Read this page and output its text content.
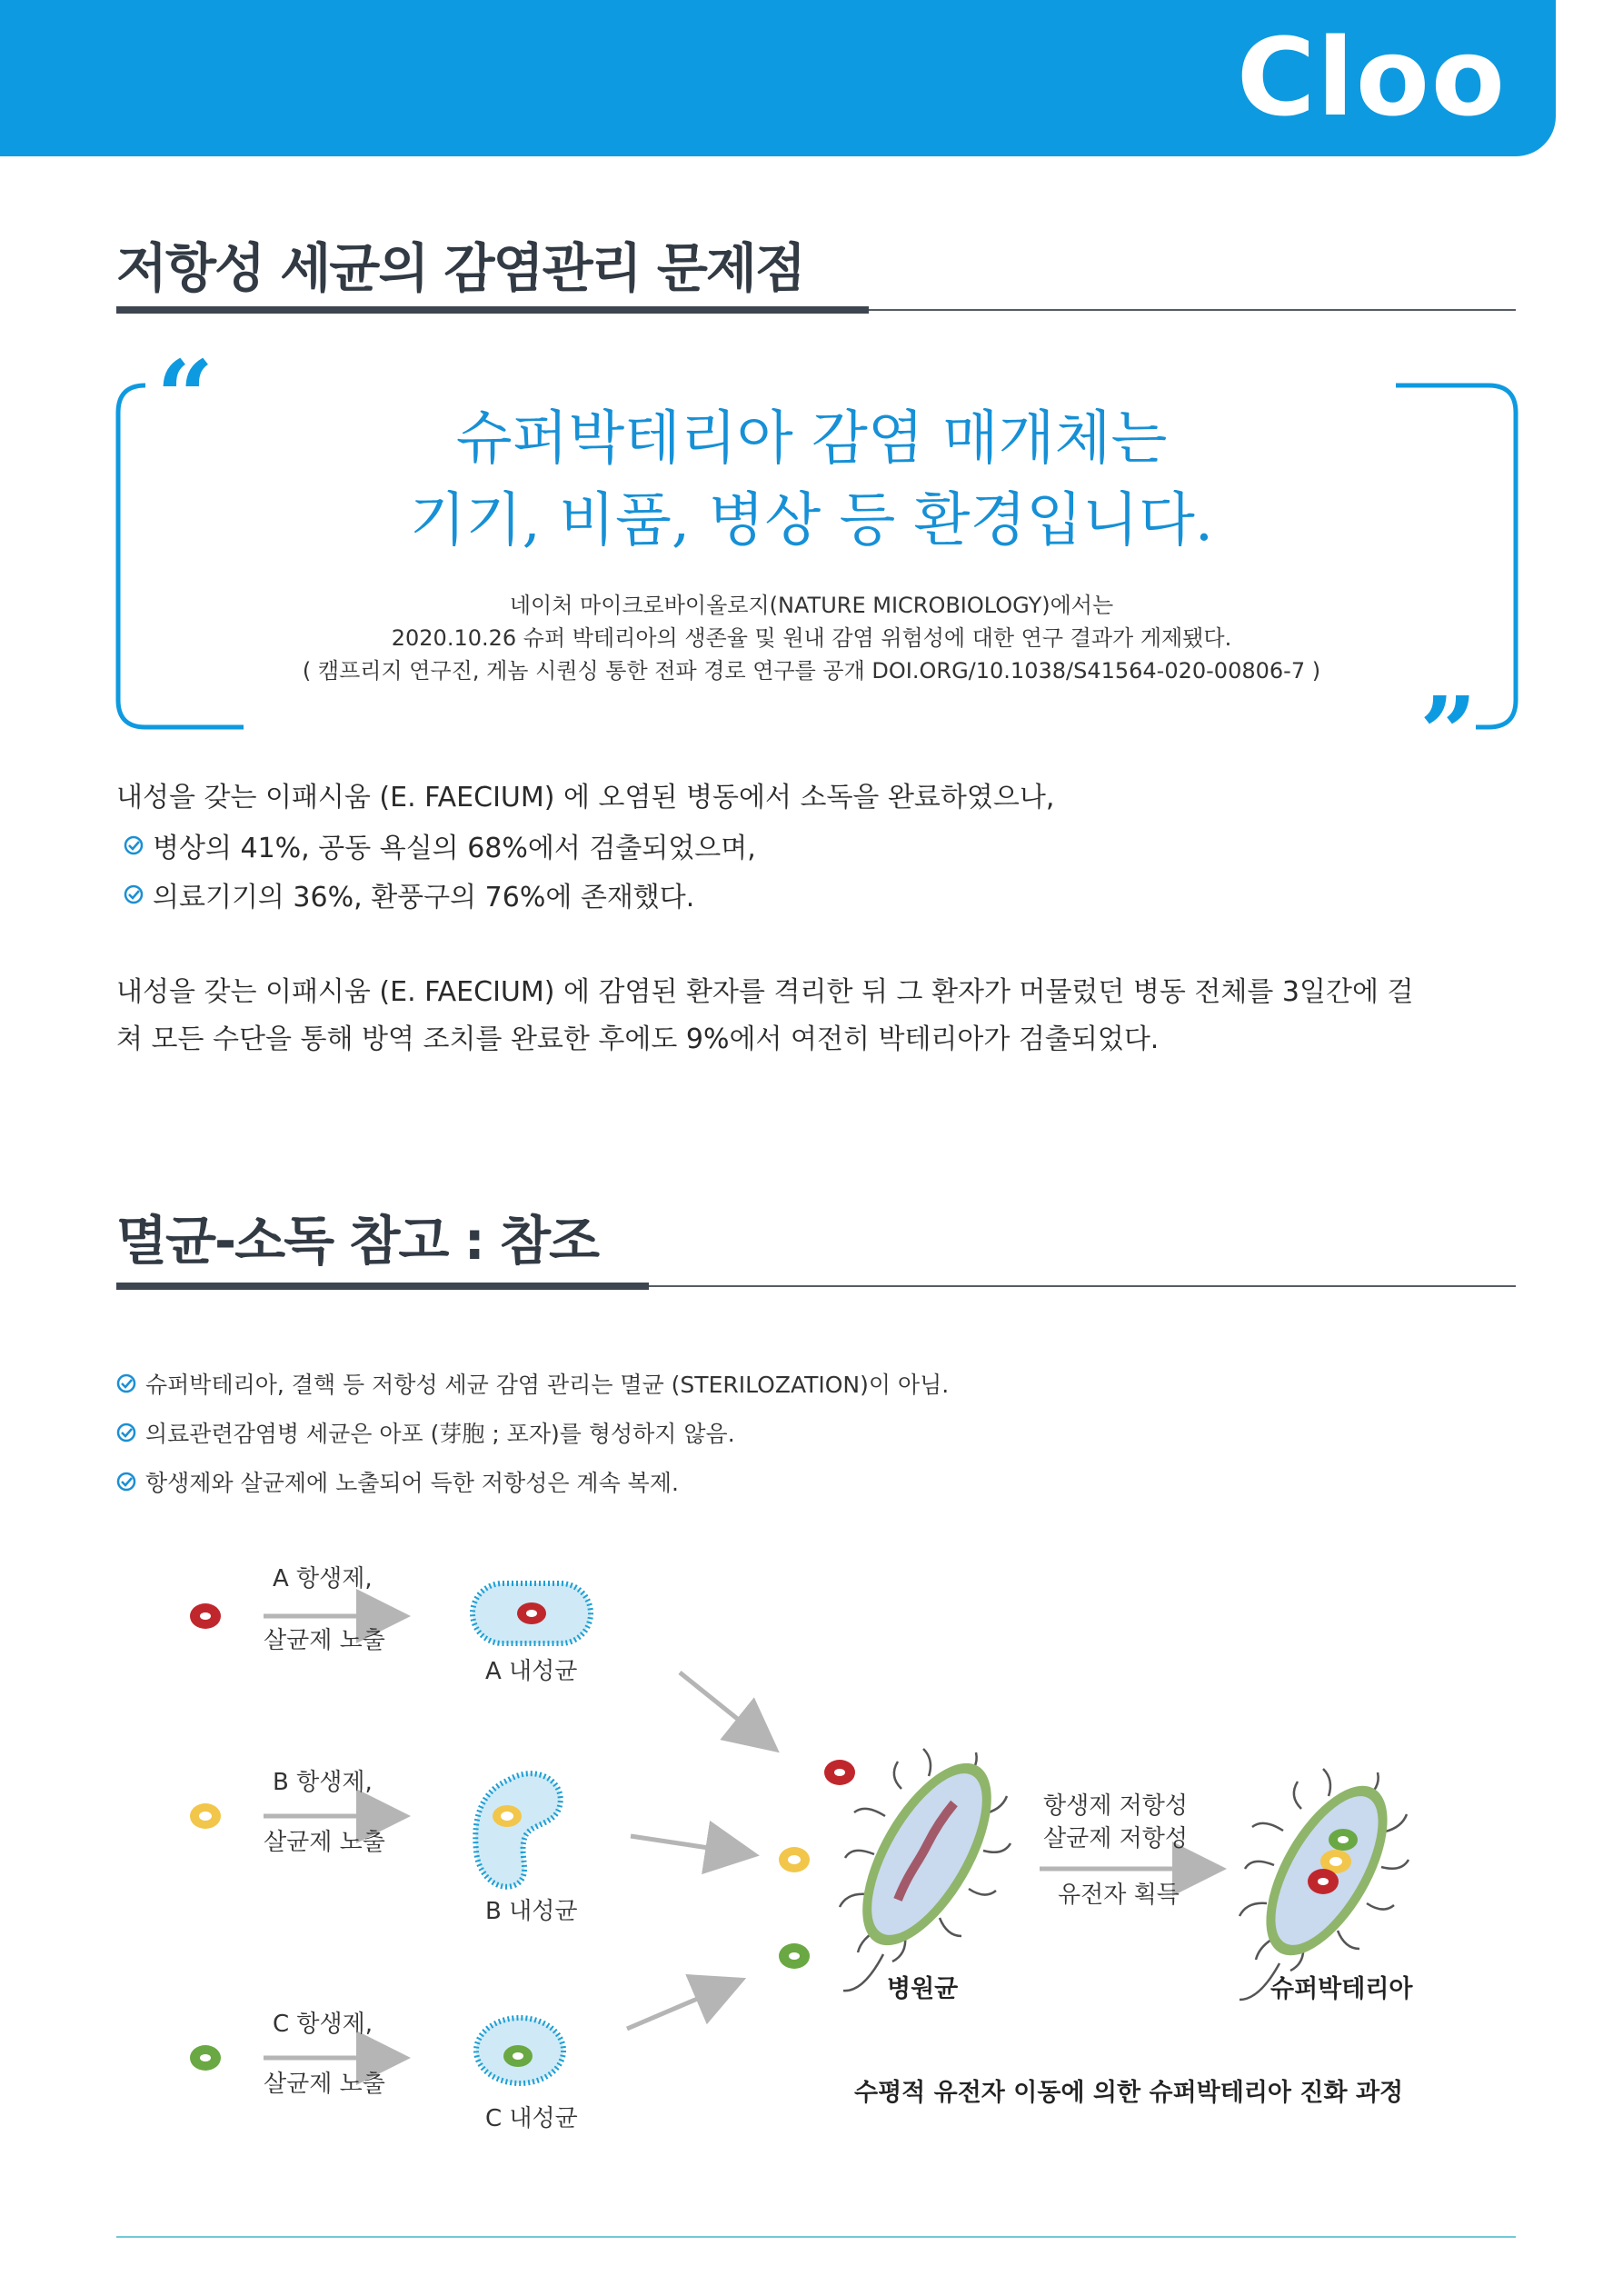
Cloo
저항성 세균의 감염관리 문제점
“
”
슈퍼박테리아 감염 매개체는
기기, 비품, 병상 등 환경입니다.
네이처 마이크로바이올로지(NATURE MICROBIOLOGY)에서는
2020.10.26 슈퍼 박테리아의 생존율 및 원내 감염 위험성에 대한 연구 결과가 게제됐다.
( 캠프리지 연구진, 게놈 시퀀싱 통한 전파 경로 연구를 공개 DOI.ORG/10.1038/S41564-020-00806-7 )
내성을 갖는 이패시움 (E. FAECIUM) 에 오염된 병동에서 소독을 완료하였으나,
병상의 41%, 공동 욕실의 68%에서 검출되었으며,
의료기기의 36%, 환풍구의 76%에 존재했다.
내성을 갖는 이패시움 (E. FAECIUM) 에 감염된 환자를 격리한 뒤 그 환자가 머물렀던 병동 전체를 3일간에 걸
쳐 모든 수단을 통해 방역 조치를 완료한 후에도 9%에서 여전히 박테리아가 검출되었다.
멸균-소독 참고 : 참조
슈퍼박테리아, 결핵 등 저항성 세균 감염 관리는 멸균 (STERILOZATION)이 아님.
의료관련감염병 세균은 아포 (芽胞 ; 포자)를 형성하지 않음.
항생제와 살균제에 노출되어 득한 저항성은 계속 복제.
A 항생제,
살균제 노출
A 내성균
B 항생제,
살균제 노출
B 내성균
C 항생제,
살균제 노출
C 내성균
병원균
항생제 저항성
살균제 저항성
유전자 획득
슈퍼박테리아
수평적 유전자 이동에 의한 슈퍼박테리아 진화 과정
